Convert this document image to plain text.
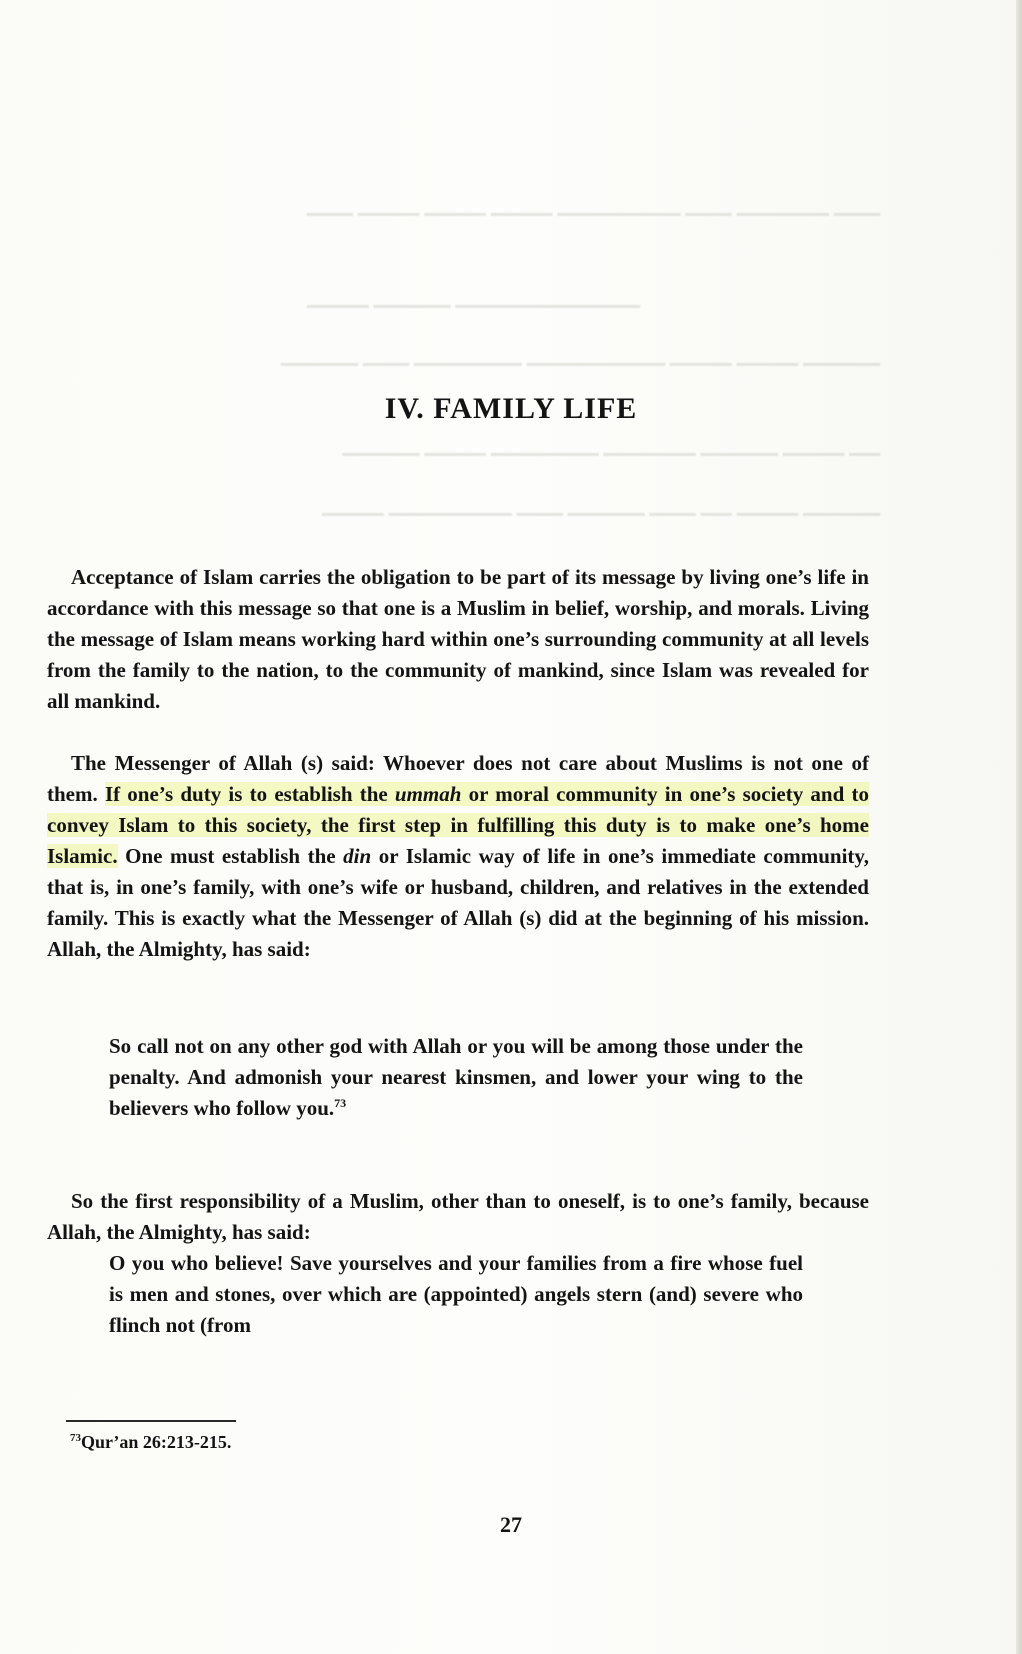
▁▁▁ ▁▁▁▁▁▁ ▁▁▁ ▁▁▁▁▁▁▁▁ ▁▁▁▁ ▁▁▁▁ ▁▁▁▁ ▁▁▁
▁▁▁▁▁▁▁▁▁▁▁▁ ▁▁▁▁▁ ▁▁▁▁
▁▁▁▁▁ ▁▁▁▁ ▁▁▁▁ ▁▁▁▁▁▁▁▁▁ ▁▁▁▁▁▁▁ ▁▁▁ ▁▁▁▁▁
▁▁ ▁▁▁▁ ▁▁▁▁▁ ▁▁▁▁▁▁ ▁▁▁▁▁▁▁ ▁▁▁▁ ▁▁▁▁▁
▁▁▁▁▁ ▁▁▁▁ ▁▁ ▁▁▁ ▁▁▁▁▁ ▁▁▁ ▁▁▁▁▁▁▁▁ ▁▁▁▁
IV. FAMILY LIFE

Acceptance of Islam carries the obligation to be part of its message by living one’s life in accordance with this message so that one is a Muslim in belief, worship, and morals. Living the message of Islam means working hard within one’s surrounding community at all levels from the family to the nation, to the community of mankind, since Islam was revealed for all mankind.

The Messenger of Allah (s) said: Whoever does not care about Muslims is not one of them. If one’s duty is to establish the ummah or moral community in one’s society and to convey Islam to this society, the first step in fulfilling this duty is to make one’s home Islamic. One must establish the din or Islamic way of life in one’s immediate community, that is, in one’s family, with one’s wife or husband, children, and relatives in the extended family. This is exactly what the Messenger of Allah (s) did at the beginning of his mission. Allah, the Almighty, has said:

So call not on any other god with Allah or you will be among those under the penalty. And admonish your nearest kinsmen, and lower your wing to the believers who follow you.$^{73}$

So the first responsibility of a Muslim, other than to oneself, is to one’s family, because Allah, the Almighty, has said:

O you who believe! Save yourselves and your families from a fire whose fuel is men and stones, over which are (appointed) angels stern (and) severe who flinch not (from

$^{73}$Qur’an 26:213-215.

27
